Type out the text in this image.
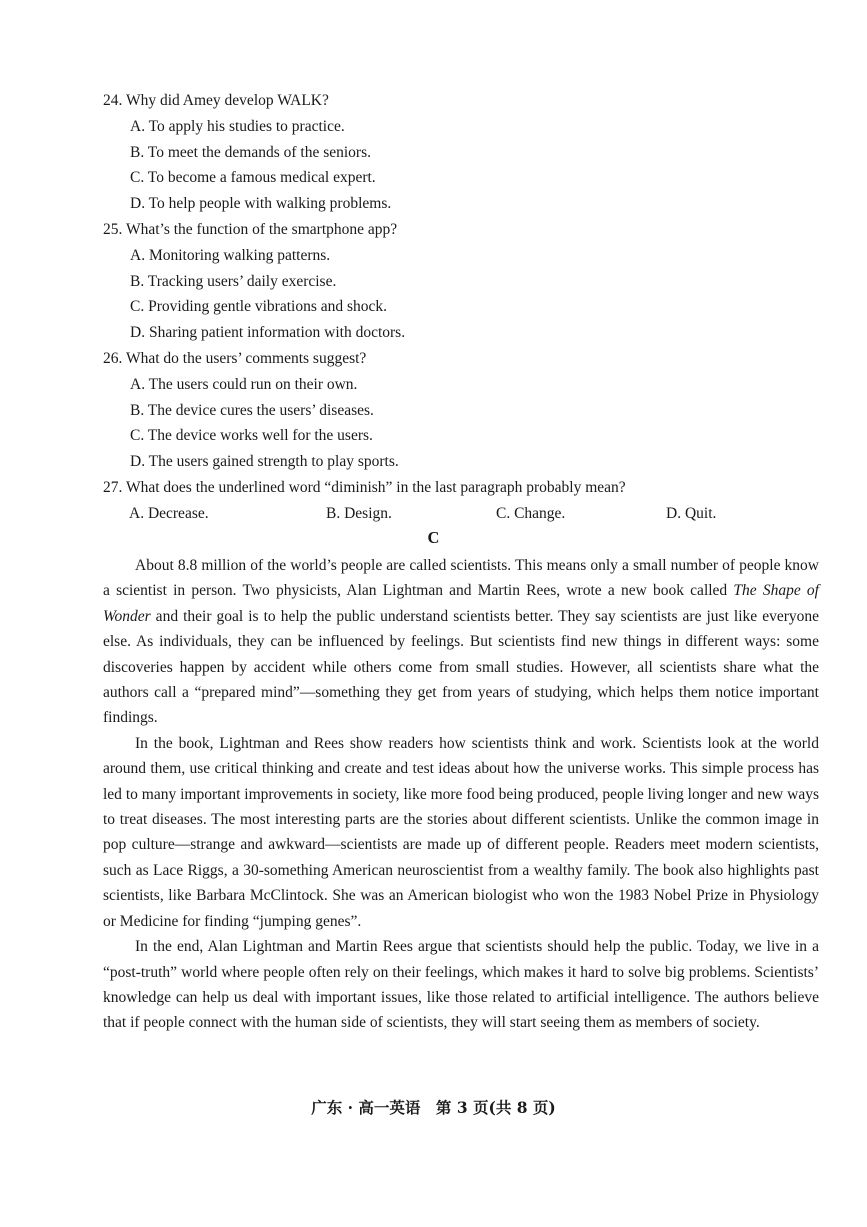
24. Why did Amey develop WALK?
A. To apply his studies to practice.
B. To meet the demands of the seniors.
C. To become a famous medical expert.
D. To help people with walking problems.
25. What’s the function of the smartphone app?
A. Monitoring walking patterns.
B. Tracking users’ daily exercise.
C. Providing gentle vibrations and shock.
D. Sharing patient information with doctors.
26. What do the users’ comments suggest?
A. The users could run on their own.
B. The device cures the users’ diseases.
C. The device works well for the users.
D. The users gained strength to play sports.
27. What does the underlined word “diminish” in the last paragraph probably mean?
A. Decrease.	B. Design.	C. Change.	D. Quit.
C

About 8.8 million of the world’s people are called scientists. This means only a small number of people know a scientist in person. Two physicists, Alan Lightman and Martin Rees, wrote a new book called The Shape of Wonder and their goal is to help the public understand scientists better. They say scientists are just like everyone else. As individuals, they can be influenced by feelings. But scientists find new things in different ways: some discoveries happen by accident while others come from small studies. However, all scientists share what the authors call a “prepared mind”—something they get from years of studying, which helps them notice important findings.

In the book, Lightman and Rees show readers how scientists think and work. Scientists look at the world around them, use critical thinking and create and test ideas about how the universe works. This simple process has led to many important improvements in society, like more food being produced, people living longer and new ways to treat diseases. The most interesting parts are the stories about different scientists. Unlike the common image in pop culture—strange and awkward—scientists are made up of different people. Readers meet modern scientists, such as Lace Riggs, a 30-something American neuroscientist from a wealthy family. The book also highlights past scientists, like Barbara McClintock. She was an American biologist who won the 1983 Nobel Prize in Physiology or Medicine for finding “jumping genes”.

In the end, Alan Lightman and Martin Rees argue that scientists should help the public. Today, we live in a “post-truth” world where people often rely on their feelings, which makes it hard to solve big problems. Scientists’ knowledge can help us deal with important issues, like those related to artificial intelligence. The authors believe that if people connect with the human side of scientists, they will start seeing them as members of society.

广东 · 高一英语　第 3 页(共 8 页)
